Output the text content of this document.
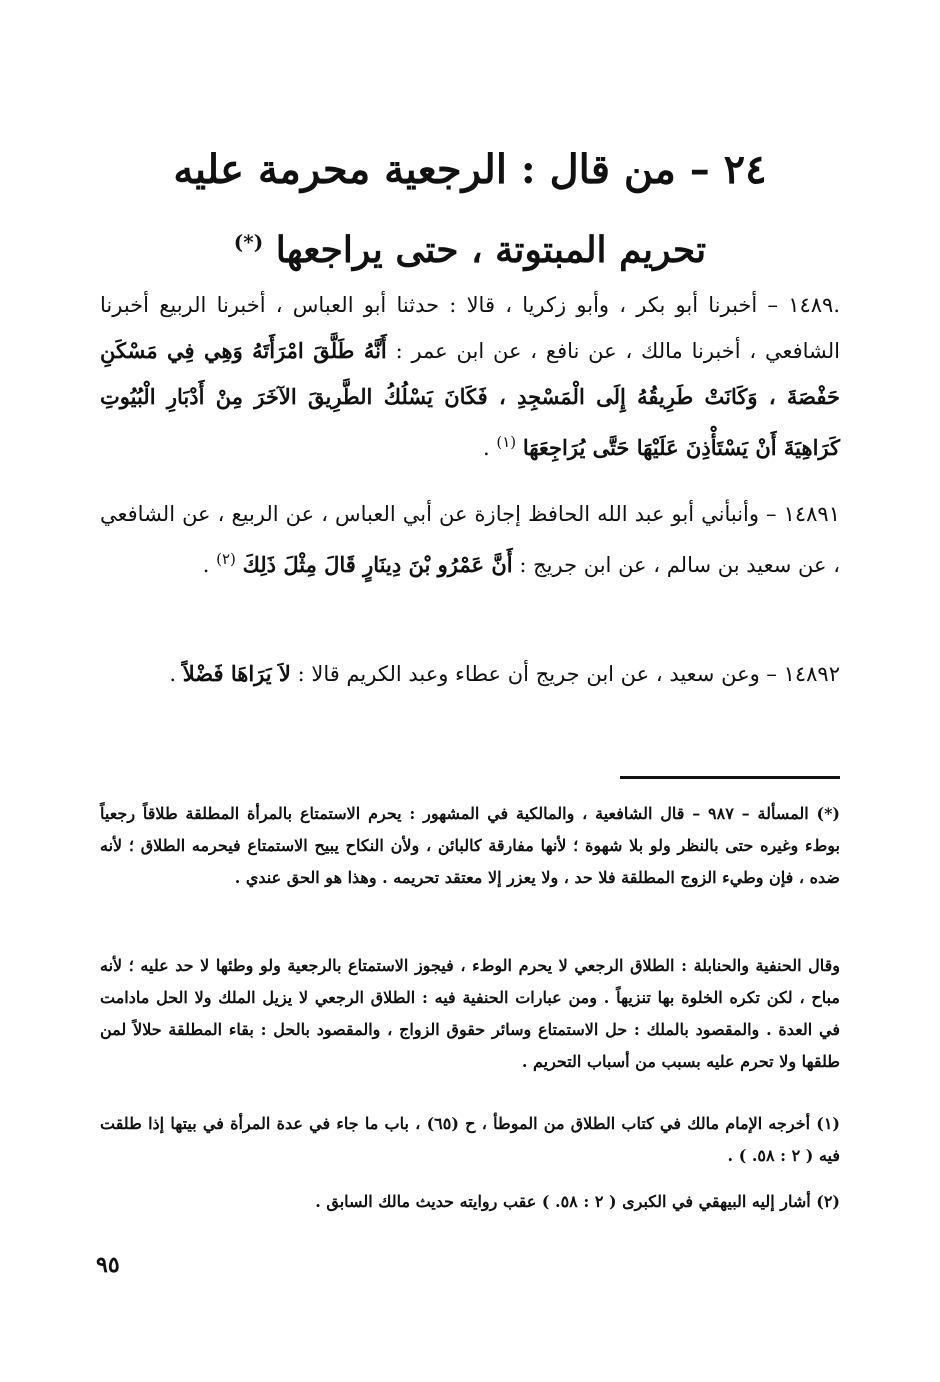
٢٤ – من قال : الرجعية محرمة عليه
تحريم المبتوتة ، حتى يراجعها (*)

.١٤٨٩ – أخبرنا أبو بكر ، وأبو زكريا ، قالا : حدثنا أبو العباس ، أخبرنا الربيع أخبرنا الشافعي ، أخبرنا مالك ، عن نافع ، عن ابن عمر : أَنَّهُ طَلَّقَ امْرَأَتَهُ وَهِي فِي مَسْكَنِ حَفْصَةَ ، وَكَانَتْ طَرِيقُهُ إِلَى الْمَسْجِدِ ، فَكَانَ يَسْلُكُ الطَّرِيقَ الآخَرَ مِنْ أَدْبَارِ الْبُيُوتِ كَرَاهِيَةَ أَنْ يَسْتَأْذِنَ عَلَيْهَا حَتَّى يُرَاجِعَهَا $^{(١)}$ .

١٤٨٩١ – وأنبأني أبو عبد الله الحافظ إجازة عن أبي العباس ، عن الربيع ، عن الشافعي ، عن سعيد بن سالم ، عن ابن جريج : أَنَّ عَمْرُو بْنَ دِينَارٍ قَالَ مِثْلَ ذَلِكَ $^{(٢)}$ .

١٤٨٩٢ – وعن سعيد ، عن ابن جريج أن عطاء وعبد الكريم قالا : لاَ يَرَاهَا فَضْلاً .

(*) المسألة – ٩٨٧ – قال الشافعية ، والمالكية في المشهور : يحرم الاستمتاع بالمرأة المطلقة طلاقاً رجعياً بوطء وغيره حتى بالنظر ولو بلا شهوة ؛ لأنها مفارقة كالبائن ، ولأن النكاح يبيح الاستمتاع فيحرمه الطلاق ؛ لأنه ضده ، فإن وطيء الزوج المطلقة فلا حد ، ولا يعزر إلا معتقد تحريمه . وهذا هو الحق عندي .

وقال الحنفية والحنابلة : الطلاق الرجعي لا يحرم الوطء ، فيجوز الاستمتاع بالرجعية ولو وطئها لا حد عليه ؛ لأنه مباح ، لكن تكره الخلوة بها تنزيهاً . ومن عبارات الحنفية فيه : الطلاق الرجعي لا يزيل الملك ولا الحل مادامت في العدة . والمقصود بالملك : حل الاستمتاع وسائر حقوق الزواج ، والمقصود بالحل : بقاء المطلقة حلالاً لمن طلقها ولا تحرم عليه بسبب من أسباب التحريم .

(١) أخرجه الإمام مالك في كتاب الطلاق من الموطأ ، ح (٦٥) ، باب ما جاء في عدة المرأة في بيتها إذا طلقت فيه ( ٢ : ٥٨. ) .

(٢) أشار إليه البيهقي في الكبرى ( ٢ : ٥٨. ) عقب روايته حديث مالك السابق .

٩٥
